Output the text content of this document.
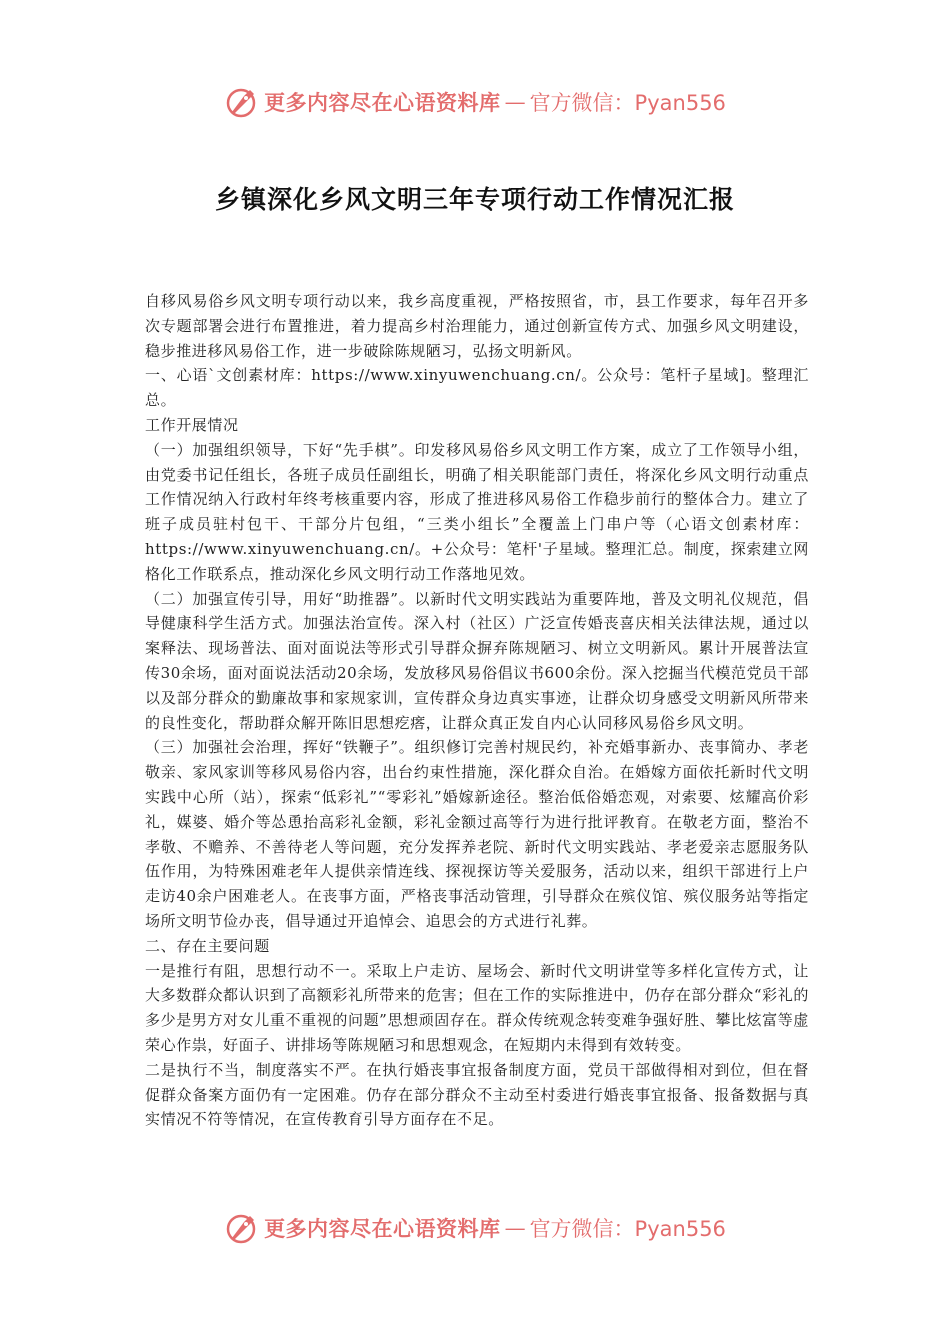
更多内容尽在心语资料库 — 官方微信：Pyan556
乡镇深化乡风文明三年专项行动工作情况汇报

自移风易俗乡风文明专项行动以来，我乡高度重视，严格按照省，市，县工作要求，每年召开多次专题部署会进行布置推进，着力提高乡村治理能力，通过创新宣传方式、加强乡风文明建设，稳步推进移风易俗工作，进一步破除陈规陋习，弘扬文明新风。

一、心语`文创素材库：https://www.xinyuwenchuang.cn/。公众号：笔杆子星域]。整理汇总。

工作开展情况

（一）加强组织领导，下好“先手棋”。印发移风易俗乡风文明工作方案，成立了工作领导小组，由党委书记任组长，各班子成员任副组长，明确了相关职能部门责任，将深化乡风文明行动重点工作情况纳入行政村年终考核重要内容，形成了推进移风易俗工作稳步前行的整体合力。建立了班子成员驻村包干、干部分片包组，“三类小组长”全覆盖上门串户等（心语文创素材库：https://www.xinyuwenchuang.cn/。+公众号：笔杆'子星域。整理汇总。制度，探索建立网格化工作联系点，推动深化乡风文明行动工作落地见效。

（二）加强宣传引导，用好“助推器”。以新时代文明实践站为重要阵地，普及文明礼仪规范，倡导健康科学生活方式。加强法治宣传。深入村（社区）广泛宣传婚丧喜庆相关法律法规，通过以案释法、现场普法、面对面说法等形式引导群众摒弃陈规陋习、树立文明新风。累计开展普法宣传30余场，面对面说法活动20余场，发放移风易俗倡议书600余份。深入挖掘当代模范党员干部以及部分群众的勤廉故事和家规家训，宣传群众身边真实事迹，让群众切身感受文明新风所带来的良性变化，帮助群众解开陈旧思想疙瘩，让群众真正发自内心认同移风易俗乡风文明。

（三）加强社会治理，挥好“铁鞭子”。组织修订完善村规民约，补充婚事新办、丧事简办、孝老敬亲、家风家训等移风易俗内容，出台约束性措施，深化群众自治。在婚嫁方面依托新时代文明实践中心所（站），探索“低彩礼”“零彩礼”婚嫁新途径。整治低俗婚恋观，对索要、炫耀高价彩礼，媒婆、婚介等怂恿抬高彩礼金额，彩礼金额过高等行为进行批评教育。在敬老方面，整治不孝敬、不赡养、不善待老人等问题，充分发挥养老院、新时代文明实践站、孝老爱亲志愿服务队伍作用，为特殊困难老年人提供亲情连线、探视探访等关爱服务，活动以来，组织干部进行上户走访40余户困难老人。在丧事方面，严格丧事活动管理，引导群众在殡仪馆、殡仪服务站等指定场所文明节俭办丧，倡导通过开追悼会、追思会的方式进行礼葬。

二、存在主要问题

一是推行有阻，思想行动不一。采取上户走访、屋场会、新时代文明讲堂等多样化宣传方式，让大多数群众都认识到了高额彩礼所带来的危害；但在工作的实际推进中，仍存在部分群众“彩礼的多少是男方对女儿重不重视的问题”思想顽固存在。群众传统观念转变难争强好胜、攀比炫富等虚荣心作祟，好面子、讲排场等陈规陋习和思想观念，在短期内未得到有效转变。

二是执行不当，制度落实不严。在执行婚丧事宜报备制度方面，党员干部做得相对到位，但在督促群众备案方面仍有一定困难。仍存在部分群众不主动至村委进行婚丧事宜报备、报备数据与真实情况不符等情况，在宣传教育引导方面存在不足。

更多内容尽在心语资料库 — 官方微信：Pyan556
